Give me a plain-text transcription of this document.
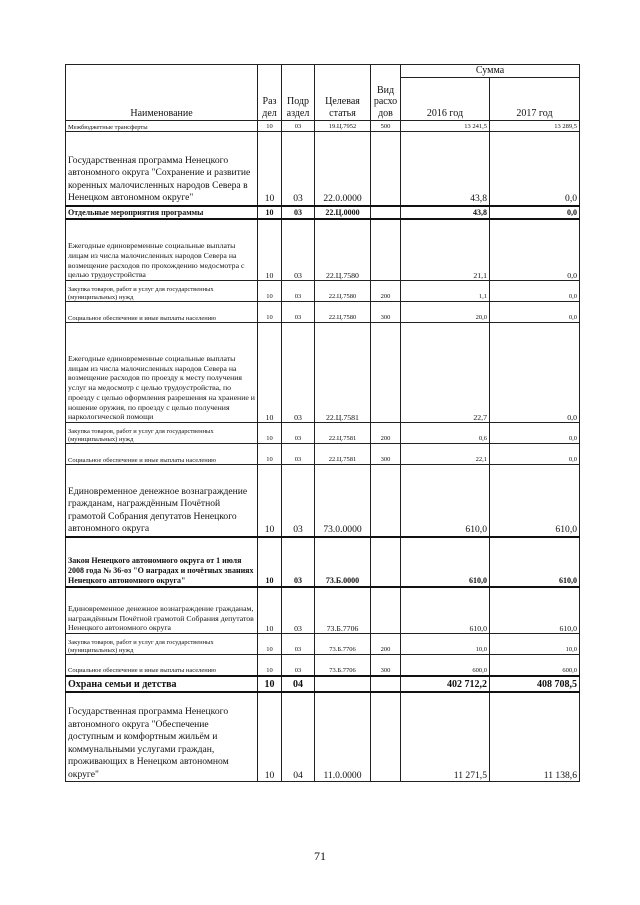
Наименование	Раз дел	Подр аздел	Целевая статья	Вид расхо дов	Сумма	
					2016 год	2017 год
Межбюджетные трансферты	10	03	19.Ц.7952	500	13 241,5	13 289,5
Государственная программа Ненецкого автономного округа "Сохранение и развитие коренных малочисленных народов Севера в Ненецком автономном округе"	10	03	22.0.0000		43,8	0,0
Отдельные мероприятия программы	10	03	22.Ц.0000		43,8	0,0
Ежегодные единовременные социальные выплаты лицам из числа малочисленных народов Севера на возмещение расходов по прохождению медосмотра с целью трудоустройства	10	03	22.Ц.7580		21,1	0,0
Закупка товаров, работ и услуг для государственных (муниципальных) нужд	10	03	22.Ц.7580	200	1,1	0,0
Социальное обеспечение и иные выплаты населению	10	03	22.Ц.7580	300	20,0	0,0
Ежегодные единовременные социальные выплаты лицам из числа малочисленных народов Севера на возмещение расходов по проезду к месту получения услуг на медосмотр с целью трудоустройства, по проезду с целью оформления разрешения на хранение и ношение оружия, по проезду с целью получения наркологической помощи	10	03	22.Ц.7581		22,7	0,0
Закупка товаров, работ и услуг для государственных (муниципальных) нужд	10	03	22.Ц.7581	200	0,6	0,0
Социальное обеспечение и иные выплаты населению	10	03	22.Ц.7581	300	22,1	0,0
Единовременное денежное вознаграждение гражданам, награждённым Почётной грамотой Собрания депутатов Ненецкого автономного округа	10	03	73.0.0000		610,0	610,0
Закон Ненецкого автономного округа от 1 июля 2008 года № 36-оз "О наградах и почётных званиях Ненецкого автономного округа"	10	03	73.Б.0000		610,0	610,0
Единовременное денежное вознаграждение гражданам, награждённым Почётной грамотой Собрания депутатов Ненецкого автономного округа	10	03	73.Б.7706		610,0	610,0
Закупка товаров, работ и услуг для государственных (муниципальных) нужд	10	03	73.Б.7706	200	10,0	10,0
Социальное обеспечение и иные выплаты населению	10	03	73.Б.7706	300	600,0	600,0
Охрана семьи и детства	10	04			402 712,2	408 708,5
Государственная программа Ненецкого автономного округа "Обеспечение доступным и комфортным жильём и коммунальными услугами граждан, проживающих в Ненецком автономном округе"	10	04	11.0.0000		11 271,5	11 138,6
71
